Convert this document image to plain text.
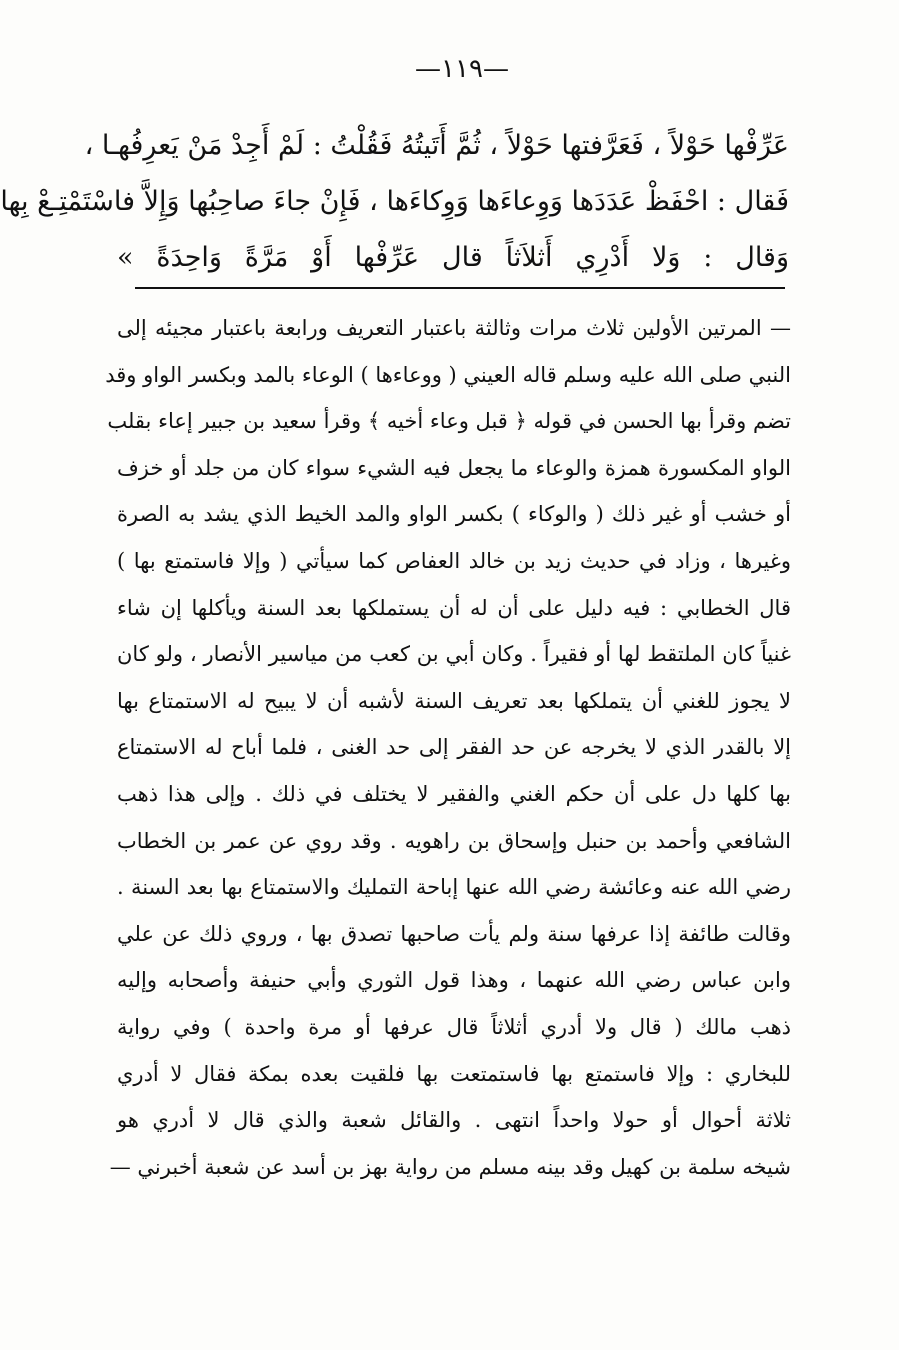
—١١٩—
عَرِّفْها حَوْلاً ، فَعَرَّفتها حَوْلاً ، ثُمَّ أَتَيتُهُ فَقُلْتُ : لَمْ أَجِدْ مَنْ يَعرِفُهـا ،
فَقال : احْفَظْ عَدَدَها وَوِعاءَها وَوِكاءَها ، فَإِنْ جاءَ صاحِبُها وَإِلاَّ فاسْتَمْتِـعْ بِها
وَقال : وَلا أَدْرِي أَثلاَثاً قال عَرِّفْها أَوْ مَرَّةً وَاحِدَةً »
— المرتين الأولين ثلاث مرات وثالثة باعتبار التعريف ورابعة باعتبار مجيئه إلى
النبي صلى الله عليه وسلم قاله العيني ( ووعاءها ) الوعاء بالمد وبكسر الواو وقد
تضم وقرأ بها الحسن في قوله ﴿ قبل وعاء أخيه ﴾ وقرأ سعيد بن جبير إعاء بقلب
الواو المكسورة همزة والوعاء ما يجعل فيه الشيء سواء كان من جلد أو خزف
أو خشب أو غير ذلك ( والوكاء ) بكسر الواو والمد الخيط الذي يشد به الصرة
وغيرها ، وزاد في حديث زيد بن خالد العفاص كما سيأتي ( وإلا فاستمتع بها )
قال الخطابي : فيه دليل على أن له أن يستملكها بعد السنة ويأكلها إن شاء
غنياً كان الملتقط لها أو فقيراً . وكان أبي بن كعب من مياسير الأنصار ، ولو كان
لا يجوز للغني أن يتملكها بعد تعريف السنة لأشبه أن لا يبيح له الاستمتاع بها
إلا بالقدر الذي لا يخرجه عن حد الفقر إلى حد الغنى ، فلما أباح له الاستمتاع
بها كلها دل على أن حكم الغني والفقير لا يختلف في ذلك . وإلى هذا ذهب
الشافعي وأحمد بن حنبل وإسحاق بن راهويه . وقد روي عن عمر بن الخطاب
رضي الله عنه وعائشة رضي الله عنها إباحة التمليك والاستمتاع بها بعد السنة .
وقالت طائفة إذا عرفها سنة ولم يأت صاحبها تصدق بها ، وروي ذلك عن علي
وابن عباس رضي الله عنهما ، وهذا قول الثوري وأبي حنيفة وأصحابه وإليه
ذهب مالك ( قال ولا أدري أثلاثاً قال عرفها أو مرة واحدة ) وفي رواية
للبخاري : وإلا فاستمتع بها فاستمتعت بها فلقيت بعده بمكة فقال لا أدري
ثلاثة أحوال أو حولا واحداً انتهى . والقائل شعبة والذي قال لا أدري هو
شيخه سلمة بن كهيل وقد بينه مسلم من رواية بهز بن أسد عن شعبة أخبرني —
